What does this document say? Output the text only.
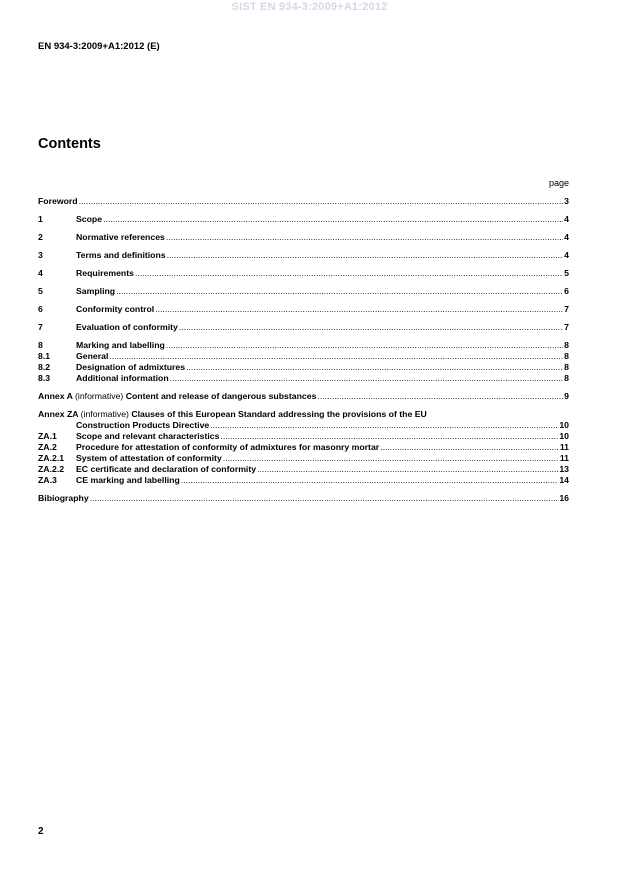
SIST EN 934-3:2009+A1:2012
EN 934-3:2009+A1:2012 (E)
Contents
page
Foreword .....	3
1	Scope .....	4
2	Normative references .....	4
3	Terms and definitions .....	4
4	Requirements .....	5
5	Sampling .....	6
6	Conformity control .....	7
7	Evaluation of conformity .....	7
8	Marking and labelling .....	8
8.1	General .....	8
8.2	Designation of admixtures .....	8
8.3	Additional information .....	8
Annex A (informative) Content and release of dangerous substances .....	9
Annex ZA (informative) Clauses of this European Standard addressing the provisions of the EU
Construction Products Directive .....	10
ZA.1	Scope and relevant characteristics .....	10
ZA.2	Procedure for attestation of conformity of admixtures for masonry mortar .....	11
ZA.2.1	System of attestation of conformity .....	11
ZA.2.2	EC certificate and declaration of conformity .....	13
ZA.3	CE marking and labelling .....	14
Bibiography .....	16
2
